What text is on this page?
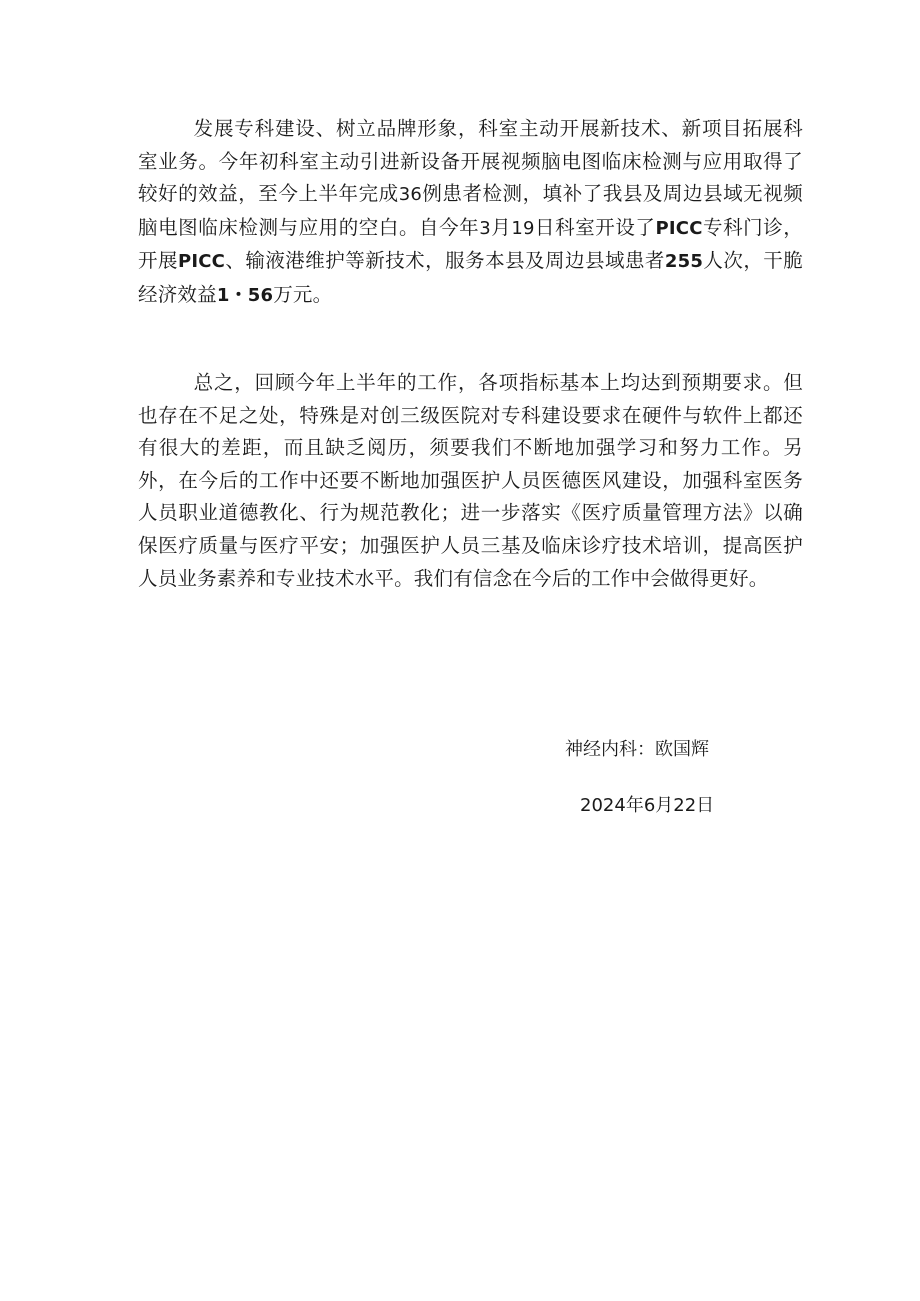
发展专科建设、树立品牌形象，科室主动开展新技术、新项目拓展科室业务。今年初科室主动引进新设备开展视频脑电图临床检测与应用取得了较好的效益，至今上半年完成36例患者检测，填补了我县及周边县域无视频脑电图临床检测与应用的空白。自今年3月19日科室开设了PICC专科门诊，开展PICC、输液港维护等新技术，服务本县及周边县域患者255人次，干脆经济效益1・56万元。

总之，回顾今年上半年的工作，各项指标基本上均达到预期要求。但也存在不足之处，特殊是对创三级医院对专科建设要求在硬件与软件上都还有很大的差距，而且缺乏阅历，须要我们不断地加强学习和努力工作。另外，在今后的工作中还要不断地加强医护人员医德医风建设，加强科室医务人员职业道德教化、行为规范教化；进一步落实《医疗质量管理方法》以确保医疗质量与医疗平安；加强医护人员三基及临床诊疗技术培训，提高医护人员业务素养和专业技术水平。我们有信念在今后的工作中会做得更好。

神经内科：欧国辉

2024年6月22日
